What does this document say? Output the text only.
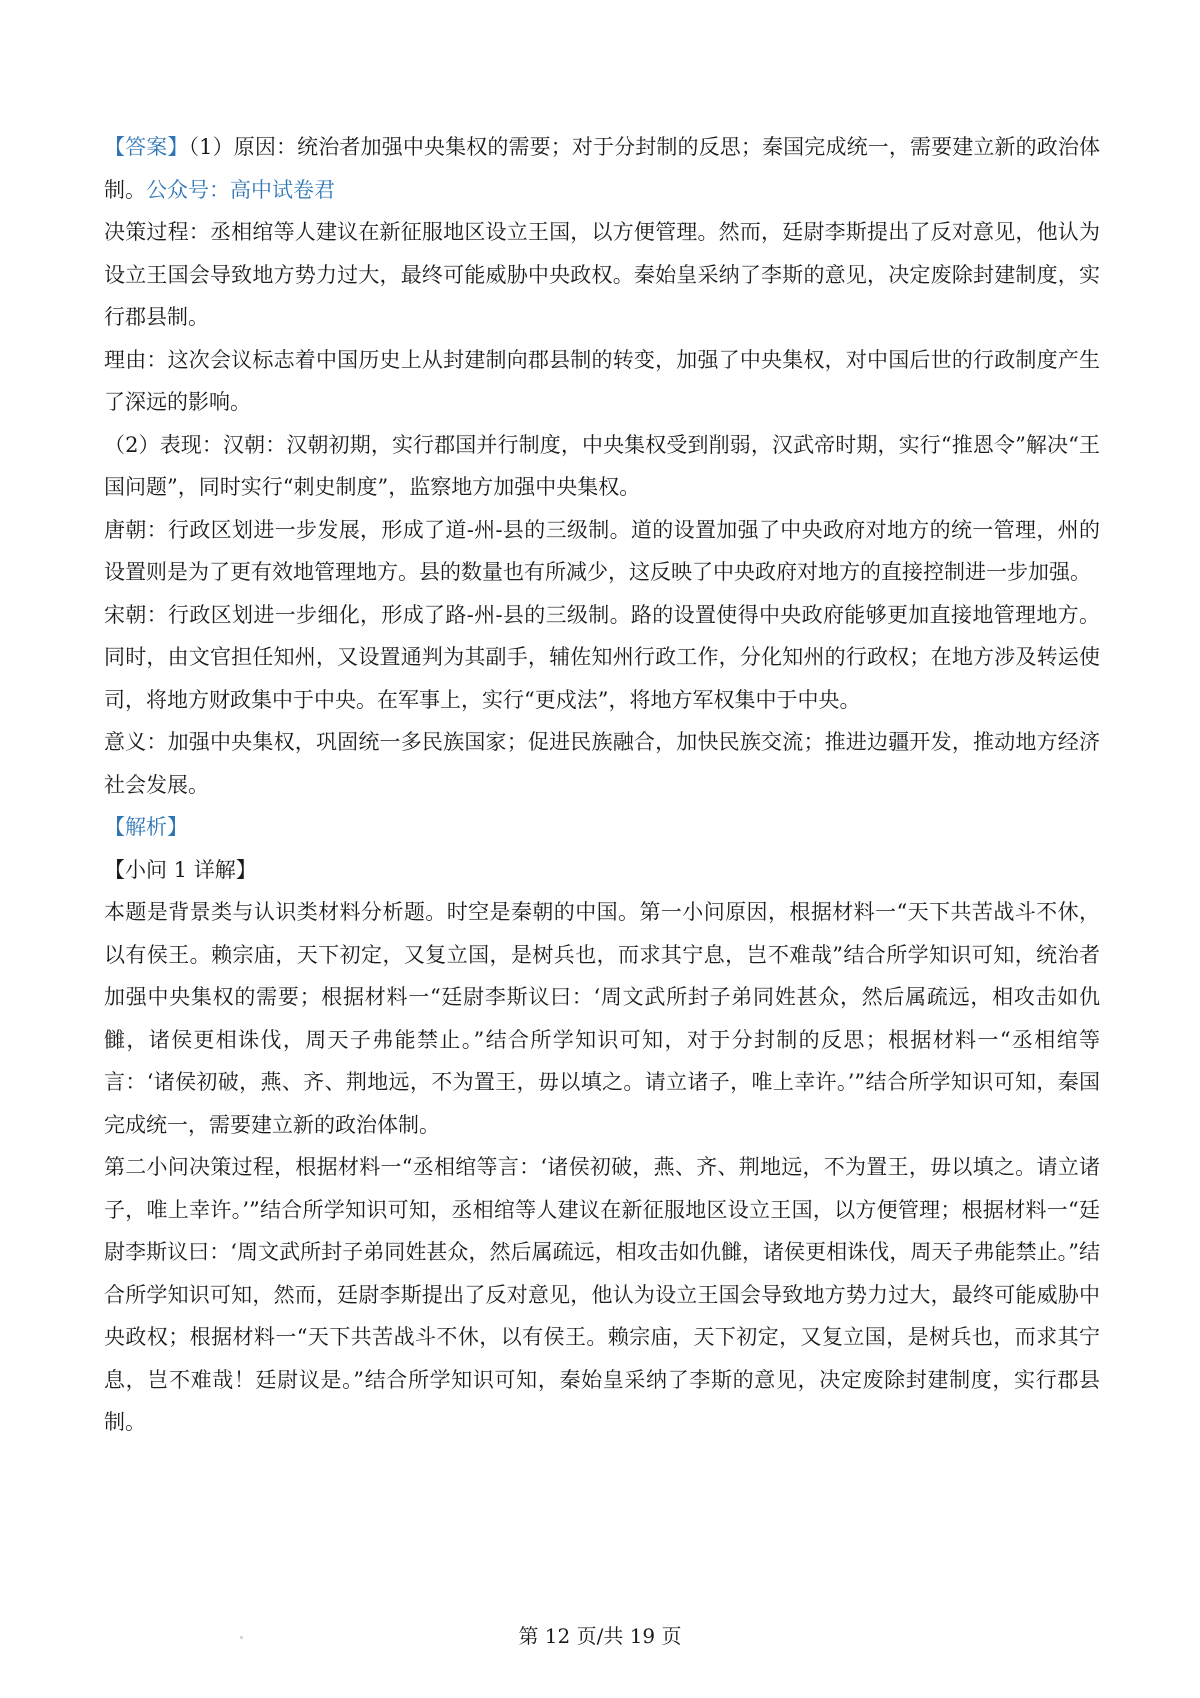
【答案】（1）原因：统治者加强中央集权的需要；对于分封制的反思；秦国完成统一，需要建立新的政治体制。公众号：高中试卷君

决策过程：丞相绾等人建议在新征服地区设立王国，以方便管理。然而，廷尉李斯提出了反对意见，他认为设立王国会导致地方势力过大，最终可能威胁中央政权。秦始皇采纳了李斯的意见，决定废除封建制度，实行郡县制。

理由：这次会议标志着中国历史上从封建制向郡县制的转变，加强了中央集权，对中国后世的行政制度产生了深远的影响。

（2）表现：汉朝：汉朝初期，实行郡国并行制度，中央集权受到削弱，汉武帝时期，实行“推恩令”解决“王国问题”，同时实行“刺史制度”，监察地方加强中央集权。

唐朝：行政区划进一步发展，形成了道-州-县的三级制。道的设置加强了中央政府对地方的统一管理，州的设置则是为了更有效地管理地方。县的数量也有所减少，这反映了中央政府对地方的直接控制进一步加强。

宋朝：行政区划进一步细化，形成了路-州-县的三级制。路的设置使得中央政府能够更加直接地管理地方。同时，由文官担任知州，又设置通判为其副手，辅佐知州行政工作，分化知州的行政权；在地方涉及转运使司，将地方财政集中于中央。在军事上，实行“更戍法”，将地方军权集中于中央。

意义：加强中央集权，巩固统一多民族国家；促进民族融合，加快民族交流；推进边疆开发，推动地方经济社会发展。

【解析】

【小问 1 详解】

本题是背景类与认识类材料分析题。时空是秦朝的中国。第一小问原因，根据材料一“天下共苦战斗不休，以有侯王。赖宗庙，天下初定，又复立国，是树兵也，而求其宁息，岂不难哉”结合所学知识可知，统治者加强中央集权的需要；根据材料一“廷尉李斯议曰：‘周文武所封子弟同姓甚众，然后属疏远，相攻击如仇雠，诸侯更相诛伐，周天子弗能禁止。”结合所学知识可知，对于分封制的反思；根据材料一“丞相绾等言：‘诸侯初破，燕、齐、荆地远，不为置王，毋以填之。请立诸子，唯上幸许。’”结合所学知识可知，秦国完成统一，需要建立新的政治体制。

第二小问决策过程，根据材料一“丞相绾等言：‘诸侯初破，燕、齐、荆地远，不为置王，毋以填之。请立诸子，唯上幸许。’”结合所学知识可知，丞相绾等人建议在新征服地区设立王国，以方便管理；根据材料一“廷尉李斯议曰：‘周文武所封子弟同姓甚众，然后属疏远，相攻击如仇雠，诸侯更相诛伐，周天子弗能禁止。”结合所学知识可知，然而，廷尉李斯提出了反对意见，他认为设立王国会导致地方势力过大，最终可能威胁中央政权；根据材料一“天下共苦战斗不休，以有侯王。赖宗庙，天下初定，又复立国，是树兵也，而求其宁息，岂不难哉！廷尉议是。”结合所学知识可知，秦始皇采纳了李斯的意见，决定废除封建制度，实行郡县制。

第 12 页/共 19 页
